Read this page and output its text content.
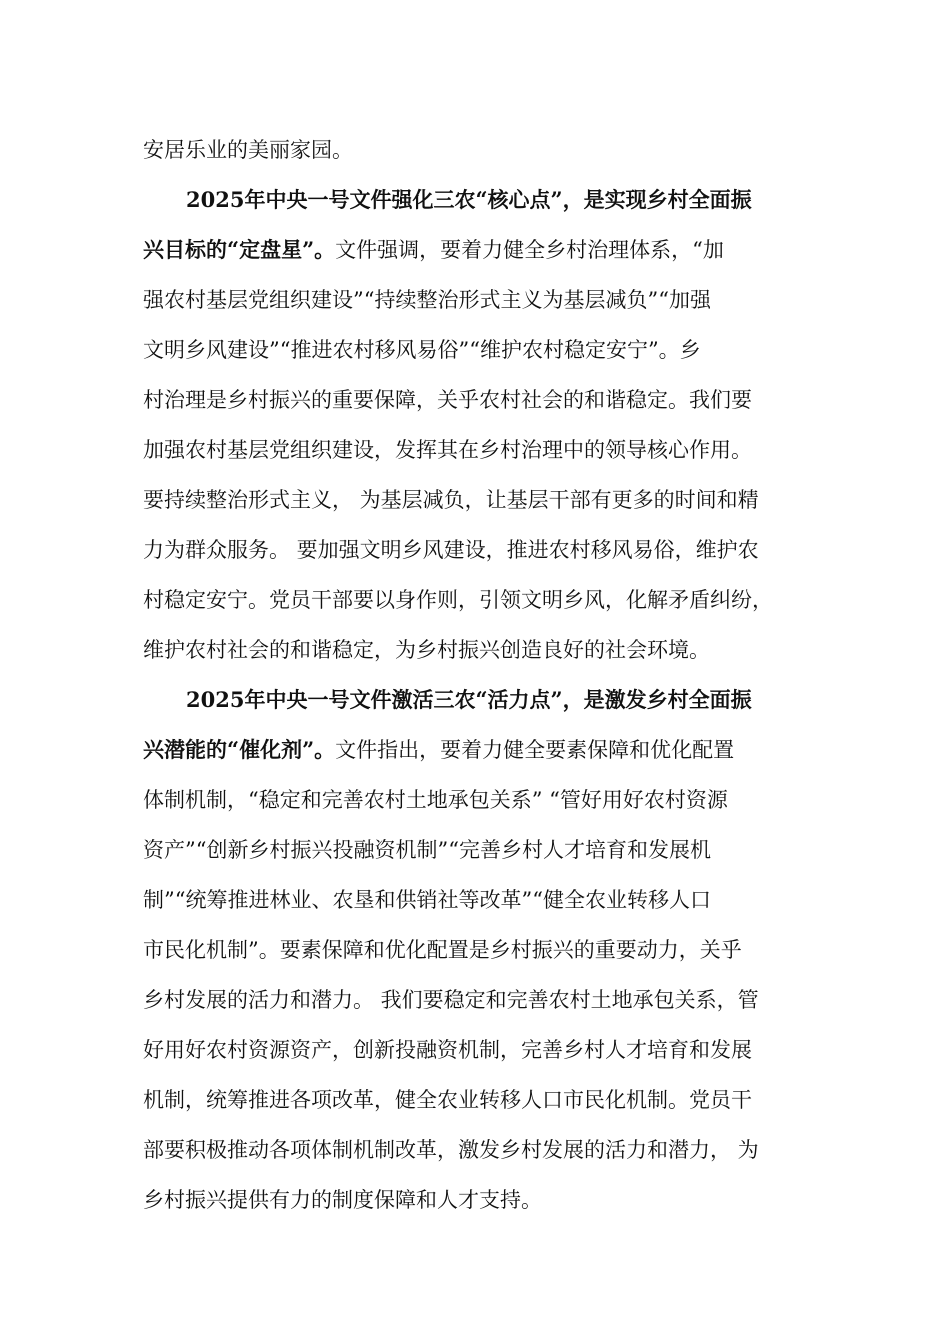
安居乐业的美丽家园。

2025年中央一号文件强化三农“核心点”，是实现乡村全面振

兴目标的“定盘星”。文件强调，要着力健全乡村治理体系，“加

强农村基层党组织建设”“持续整治形式主义为基层减负”“加强

文明乡风建设”“推进农村移风易俗”“维护农村稳定安宁”。乡

村治理是乡村振兴的重要保障，关乎农村社会的和谐稳定。我们要

加强农村基层党组织建设，发挥其在乡村治理中的领导核心作用。

要持续整治形式主义， 为基层减负，让基层干部有更多的时间和精

力为群众服务。 要加强文明乡风建设，推进农村移风易俗，维护农

村稳定安宁。党员干部要以身作则，引领文明乡风，化解矛盾纠纷，

维护农村社会的和谐稳定，为乡村振兴创造良好的社会环境。

2025年中央一号文件激活三农“活力点”，是激发乡村全面振

兴潜能的“催化剂”。文件指出，要着力健全要素保障和优化配置

体制机制，“稳定和完善农村土地承包关系” “管好用好农村资源

资产”“创新乡村振兴投融资机制”“完善乡村人才培育和发展机

制”“统筹推进林业、农垦和供销社等改革”“健全农业转移人口

市民化机制”。要素保障和优化配置是乡村振兴的重要动力，关乎

乡村发展的活力和潜力。 我们要稳定和完善农村土地承包关系，管

好用好农村资源资产，创新投融资机制，完善乡村人才培育和发展

机制，统筹推进各项改革，健全农业转移人口市民化机制。党员干

部要积极推动各项体制机制改革，激发乡村发展的活力和潜力， 为

乡村振兴提供有力的制度保障和人才支持。
